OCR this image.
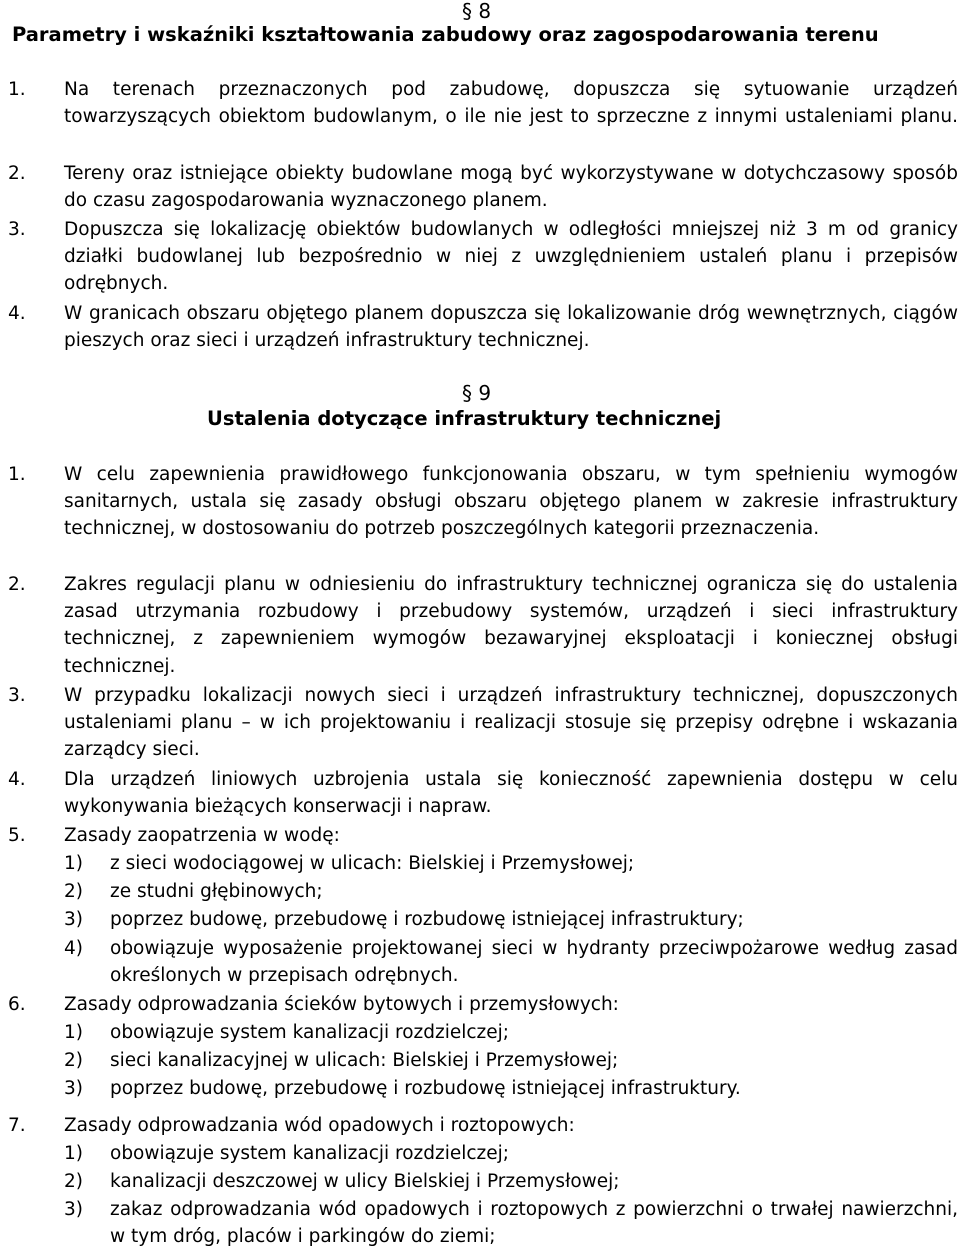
§ 8
Parametry i wskaźniki kształtowania zabudowy oraz zagospodarowania terenu
1.	Na terenach przeznaczonych pod zabudowę, dopuszcza się sytuowanie urządzeń towarzyszących obiektom budowlanym, o ile nie jest to sprzeczne z innymi ustaleniami planu.
2.	Tereny oraz istniejące obiekty budowlane mogą być wykorzystywane w dotychczasowy sposób do czasu zagospodarowania wyznaczonego planem.
3.	Dopuszcza się lokalizację obiektów budowlanych w odległości mniejszej niż 3 m od granicy działki budowlanej lub bezpośrednio w niej z uwzględnieniem ustaleń planu i przepisów odrębnych.
4.	W granicach obszaru objętego planem dopuszcza się lokalizowanie dróg wewnętrznych, ciągów pieszych oraz sieci i urządzeń infrastruktury technicznej.
§ 9
Ustalenia dotyczące infrastruktury technicznej
1.	W celu zapewnienia prawidłowego funkcjonowania obszaru, w tym spełnieniu wymogów sanitarnych, ustala się zasady obsługi obszaru objętego planem w zakresie infrastruktury technicznej, w dostosowaniu do potrzeb poszczególnych kategorii przeznaczenia.
2.	Zakres regulacji planu w odniesieniu do infrastruktury technicznej ogranicza się do ustalenia zasad utrzymania rozbudowy i przebudowy systemów, urządzeń i sieci infrastruktury technicznej, z zapewnieniem wymogów bezawaryjnej eksploatacji i koniecznej obsługi technicznej.
3.	W przypadku lokalizacji nowych sieci i urządzeń infrastruktury technicznej, dopuszczonych ustaleniami planu – w ich projektowaniu i realizacji stosuje się przepisy odrębne i wskazania zarządcy sieci.
4.	Dla urządzeń liniowych uzbrojenia ustala się konieczność zapewnienia dostępu w celu wykonywania bieżących konserwacji i napraw.
5.	Zasady zaopatrzenia w wodę:
1)	z sieci wodociągowej w ulicach: Bielskiej i Przemysłowej;
2)	ze studni głębinowych;
3)	poprzez budowę, przebudowę i rozbudowę istniejącej infrastruktury;
4)	obowiązuje wyposażenie projektowanej sieci w hydranty przeciwpożarowe według zasad określonych w przepisach odrębnych.
6.	Zasady odprowadzania ścieków bytowych i przemysłowych:
1)	obowiązuje system kanalizacji rozdzielczej;
2)	sieci kanalizacyjnej w ulicach: Bielskiej i Przemysłowej;
3)	poprzez budowę, przebudowę i rozbudowę istniejącej infrastruktury.
7.	Zasady odprowadzania wód opadowych i roztopowych:
1)	obowiązuje system kanalizacji rozdzielczej;
2)	kanalizacji deszczowej w ulicy Bielskiej i Przemysłowej;
3)	zakaz odprowadzania wód opadowych i roztopowych z powierzchni o trwałej nawierzchni, w tym dróg, placów i parkingów do ziemi;
